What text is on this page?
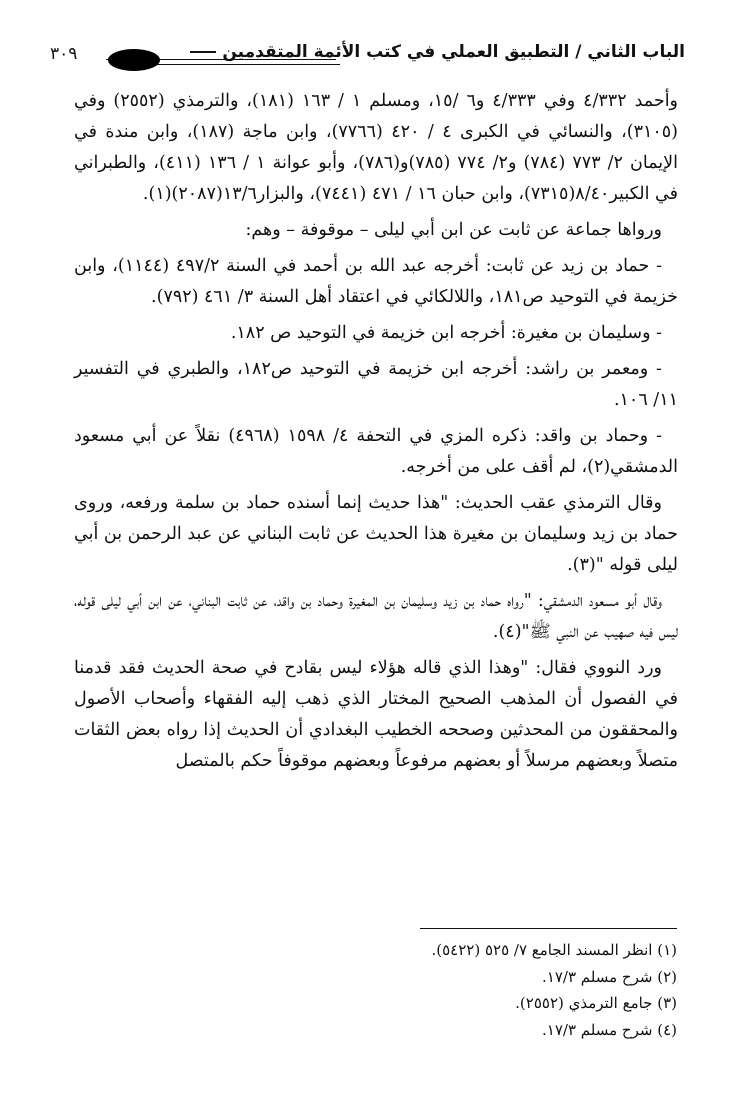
الباب الثاني / التطبيق العملي في كتب الأئمة المتقدمين
٣٠٩

وأحمد ٤/٣٣٢ وفي ٤/٣٣٣ و٦ /١٥، ومسلم ١ / ١٦٣ (١٨١)، والترمذي (٢٥٥٢) وفي (٣١٠٥)، والنسائي في الكبرى ٤ / ٤٢٠ (٧٧٦٦)، وابن ماجة (١٨٧)، وابن مندة في الإيمان ٢/ ٧٧٣ (٧٨٤) و٢/ ٧٧٤ (٧٨٥)و(٧٨٦)، وأبو عوانة ١ / ١٣٦ (٤١١)، والطبراني في الكبير٨/٤٠(٧٣١٥)، وابن حبان ١٦ / ٤٧١ (٧٤٤١)، والبزار١٣/٦(٢٠٨٧)(١).

ورواها جماعة عن ثابت عن ابن أبي ليلى – موقوفة – وهم:

- حماد بن زيد عن ثابت: أخرجه عبد الله بن أحمد في السنة ٤٩٧/٢ (١١٤٤)، وابن خزيمة في التوحيد ص١٨١، واللالكائي في اعتقاد أهل السنة ٣/ ٤٦١ (٧٩٢).

- وسليمان بن مغيرة: أخرجه ابن خزيمة في التوحيد ص ١٨٢.

- ومعمر بن راشد: أخرجه ابن خزيمة في التوحيد ص١٨٢، والطبري في التفسير ١١/ ١٠٦.

- وحماد بن واقد: ذكره المزي في التحفة ٤/ ١٥٩٨ (٤٩٦٨) نقلاً عن أبي مسعود الدمشقي(٢)، لم أقف على من أخرجه.

وقال الترمذي عقب الحديث: "هذا حديث إنما أسنده حماد بن سلمة ورفعه، وروى حماد بن زيد وسليمان بن مغيرة هذا الحديث عن ثابت البناني عن عبد الرحمن بن أبي ليلى قوله "(٣).

وقال أبو مسعود الدمشقي: "رواه حماد بن زيد وسليمان بن المغيرة وحماد بن واقد، عن ثابت البناني، عن ابن أبي ليلى قوله، ليس فيه صهيب عن النبي ﷺ"(٤).

ورد النووي فقال: "وهذا الذي قاله هؤلاء ليس بقادح في صحة الحديث فقد قدمنا في الفصول أن المذهب الصحيح المختار الذي ذهب إليه الفقهاء وأصحاب الأصول والمحققون من المحدثين وصححه الخطيب البغدادي أن الحديث إذا رواه بعض الثقات متصلاً وبعضهم مرسلاً أو بعضهم مرفوعاً وبعضهم موقوفاً حكم بالمتصل

(١) انظر المسند الجامع ٧/ ٥٢٥ (٥٤٢٢).
(٢) شرح مسلم ١٧/٣.
(٣) جامع الترمذي (٢٥٥٢).
(٤) شرح مسلم ١٧/٣.
